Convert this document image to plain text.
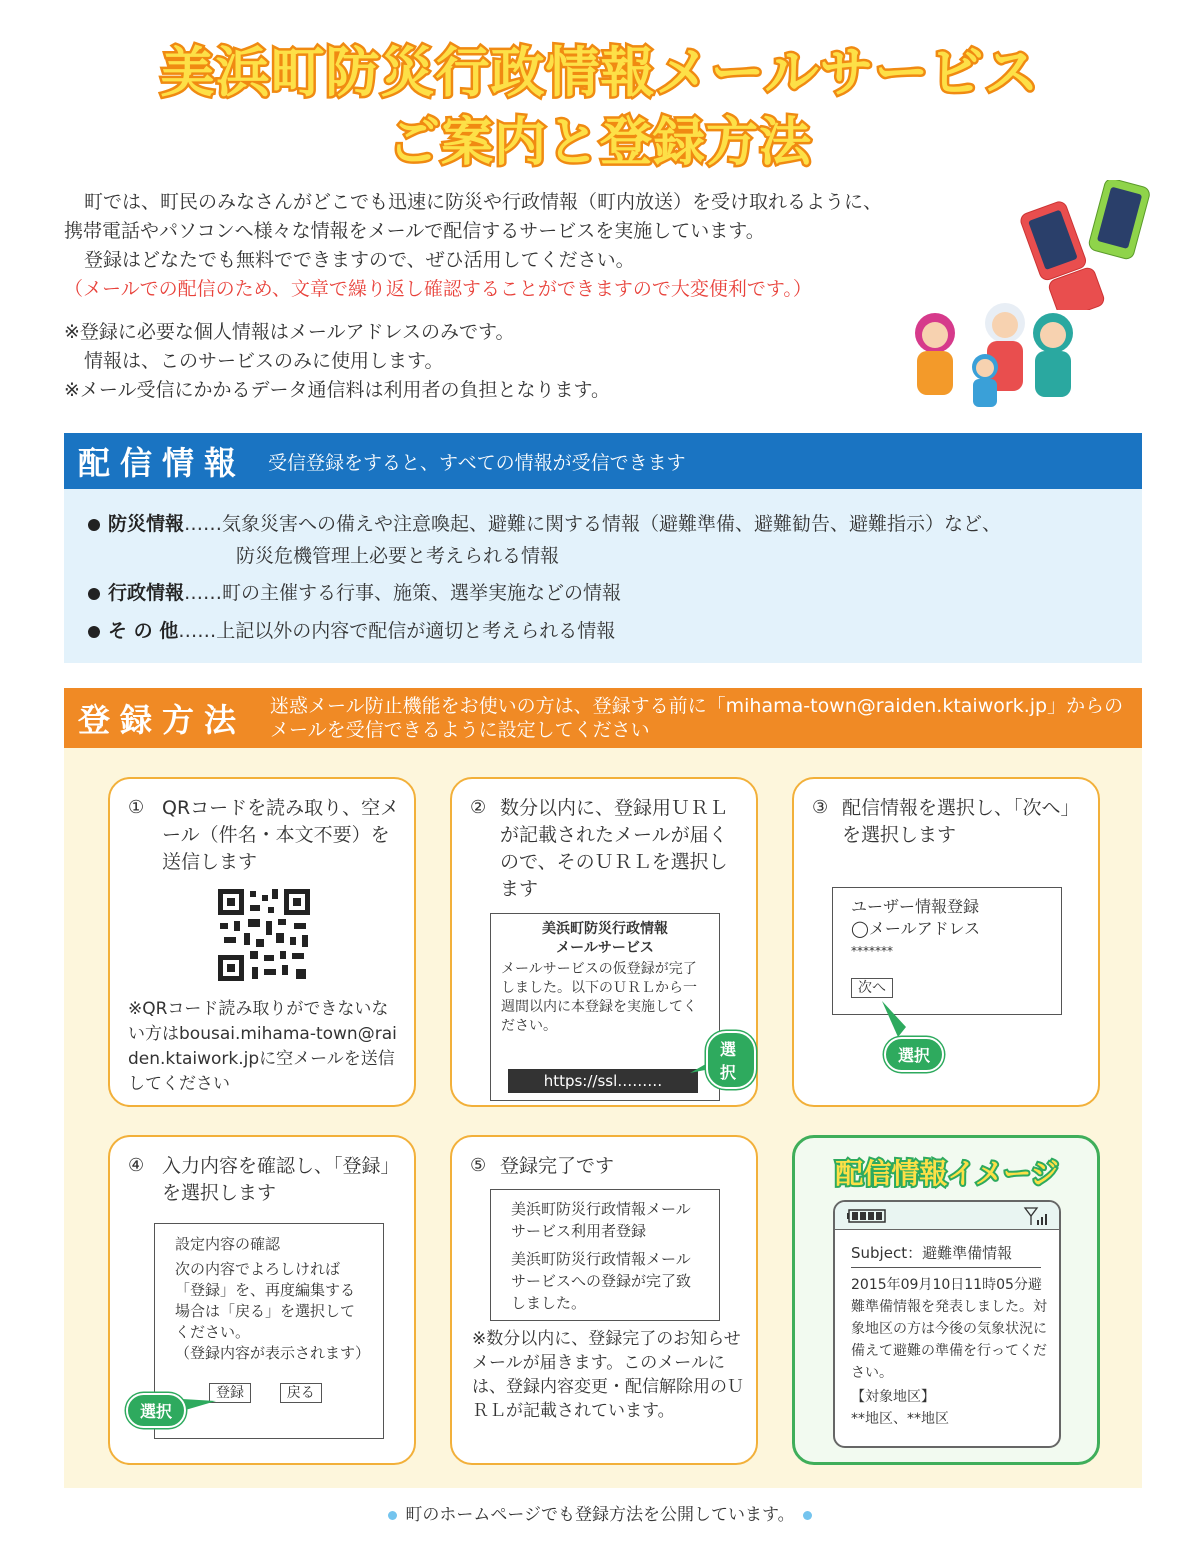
美浜町防災行政情報メールサービス
ご案内と登録方法

町では、町民のみなさんがどこでも迅速に防災や行政情報（町内放送）を受け取れるように、

携帯電話やパソコンへ様々な情報をメールで配信するサービスを実施しています。

登録はどなたでも無料でできますので、ぜひ活用してください。

（メールでの配信のため、文章で繰り返し確認することができますので大変便利です。）

※登録に必要な個人情報はメールアドレスのみです。

情報は、このサービスのみに使用します。

※メール受信にかかるデータ通信料は利用者の負担となります。

配信情報 受信登録をすると、すべての情報が受信できます
防災情報……気象災害への備えや注意喚起、避難に関する情報（避難準備、避難勧告、避難指示）など、
防災危機管理上必要と考えられる情報
行政情報……町の主催する行事、施策、選挙実施などの情報
そ の 他……上記以外の内容で配信が適切と考えられる情報
登録方法 迷惑メール防止機能をお使いの方は、登録する前に「mihama-town@raiden.ktaiwork.jp」からのメールを受信できるように設定してください
① QRコードを読み取り、空メール（件名・本文不要）を送信します
※QRコード読み取りができないない方はbousai.mihama-town@raiden.ktaiwork.jpに空メールを送信してください
② 数分以内に、登録用ＵＲＬが記載されたメールが届くので、そのＵＲＬを選択します
美浜町防災行政情報
メールサービス
メールサービスの仮登録が完了しました。以下のＵＲＬから一週間以内に本登録を実施してください。
https://ssl………
選択
③ 配信情報を選択し、「次へ」を選択します
ユーザー情報登録
◯メールアドレス
*******
次へ
選択
④ 入力内容を確認し、「登録」を選択します
設定内容の確認
次の内容でよろしければ「登録」を、再度編集する場合は「戻る」を選択してください。
（登録内容が表示されます）
登録	戻る
選択
⑤ 登録完了です
美浜町防災行政情報メールサービス利用者登録
美浜町防災行政情報メールサービスへの登録が完了致しました。
※数分以内に、登録完了のお知らせメールが届きます。このメールには、登録内容変更・配信解除用のＵＲＬが記載されています。
配信情報イメージ
Subject：避難準備情報
2015年09月10日11時05分避難準備情報を発表しました。対象地区の方は今後の気象状況に備えて避難の準備を行ってください。
【対象地区】
**地区、**地区
町のホームページでも登録方法を公開しています。
